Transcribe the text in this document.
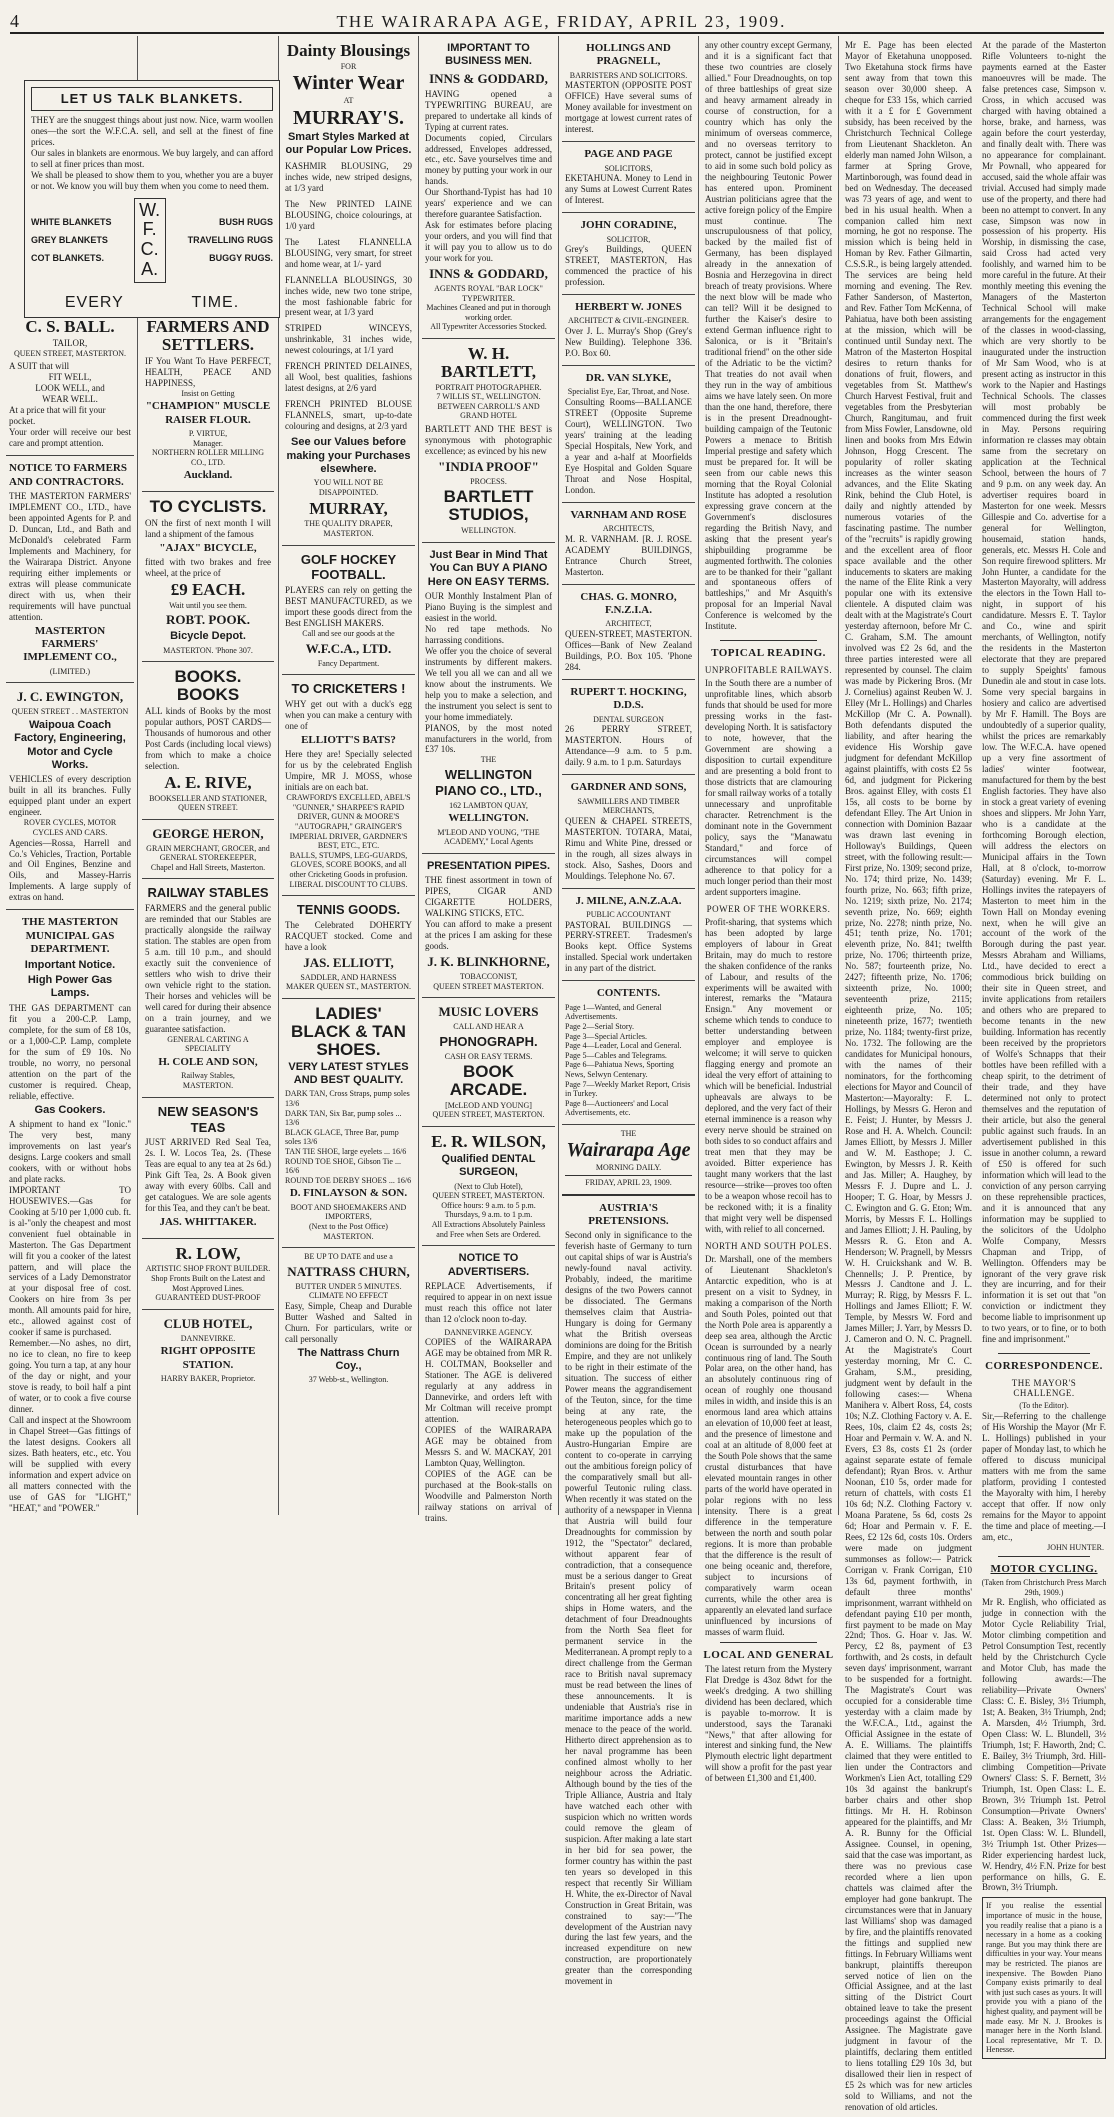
4	THE WAIRARAPA AGE, FRIDAY, APRIL 23, 1909.
LET US TALK BLANKETS.
THEY are the snuggest things about just now. Nice, warm woollen ones—the sort the W.F.C.A. sell, and sell at the finest of fine prices.
Our sales in blankets are enormous. We buy largely, and can afford to sell at finer prices than most.
We shall be pleased to show them to you, whether you are a buyer or not. We know you will buy them when you come to need them.
WHITE BLANKETS
GREY BLANKETS
COT BLANKETS.
W. F. C. A.
BUSH RUGS
TRAVELLING RUGS
BUGGY RUGS.
EVERY	TIME.
C. S. BALL.
TAILOR,
QUEEN STREET, MASTERTON.
A SUIT that will
FIT WELL,
LOOK WELL, and
WEAR WELL.
At a price that will fit your pocket.
Your order will receive our best care and prompt attention.
NOTICE TO FARMERS AND CONTRACTORS.
THE MASTERTON FARMERS' IMPLEMENT CO., LTD., have been appointed Agents for P. and D. Duncan, Ltd., and Bath and McDonald's celebrated Farm Implements and Machinery, for the Wairarapa District. Anyone requiring either implements or extras will please communicate direct with us, when their requirements will have punctual attention.
MASTERTON FARMERS' IMPLEMENT CO.,
(LIMITED.)
J. C. EWINGTON,
QUEEN STREET . . MASTERTON
Waipoua Coach Factory, Engineering, Motor and Cycle Works.
VEHICLES of every description built in all its branches. Fully equipped plant under an expert engineer.
ROVER CYCLES, MOTOR CYCLES AND CARS.
Agencies—Rossa, Harrell and Co.'s Vehicles, Traction, Portable and Oil Engines, Benzine and Oils, and Massey-Harris Implements. A large supply of extras on hand.
THE MASTERTON MUNICIPAL GAS DEPARTMENT.
Important Notice.
High Power Gas Lamps.
THE GAS DEPARTMENT can fit you a 200-C.P. Lamp, complete, for the sum of £8 10s, or a 1,000-C.P. Lamp, complete for the sum of £9 10s. No trouble, no worry, no personal attention on the part of the customer is required. Cheap, reliable, effective.
Gas Cookers.
A shipment to hand ex "Ionic." The very best, many improvements on last year's designs. Large cookers and small cookers, with or without hobs and plate racks.
IMPORTANT TO HOUSEWIVES.—Gas for Cooking at 5/10 per 1,000 cub. ft. is al-"only the cheapest and most convenient fuel obtainable in Masterton. The Gas Department will fit you a cooker of the latest pattern, and will place the services of a Lady Demonstrator at your disposal free of cost. Cookers on hire from 3s per month. All amounts paid for hire, etc., allowed against cost of cooker if same is purchased.
Remember.—No ashes, no dirt, no ice to clean, no fire to keep going. You turn a tap, at any hour of the day or night, and your stove is ready, to boil half a pint of water, or to cook a five course dinner.
Call and inspect at the Showroom in Chapel Street—Gas fittings of the latest designs. Cookers all sizes. Bath heaters, etc., etc. You will be supplied with every information and expert advice on all matters connected with the use of GAS for "LIGHT," "HEAT," and "POWER."
FARMERS AND SETTLERS.
IF You Want To Have PERFECT, HEALTH, PEACE AND HAPPINESS,
Insist on Getting
"CHAMPION" MUSCLE RAISER FLOUR.
P. VIRTUE,
Manager.
NORTHERN ROLLER MILLING CO., LTD.
Auckland.
TO CYCLISTS.
ON the first of next month I will land a shipment of the famous
"AJAX" BICYCLE,
fitted with two brakes and free wheel, at the price of
£9 EACH.
Wait until you see them.
ROBT. POOK.
Bicycle Depot.
MASTERTON. 'Phone 307.
BOOKS. BOOKS
ALL kinds of Books by the most popular authors, POST CARDS—Thousands of humorous and other Post Cards (including local views) from which to make a choice selection.
A. E. RIVE,
BOOKSELLER AND STATIONER,
QUEEN STREET.
GEORGE HERON,
GRAIN MERCHANT, GROCER, and GENERAL STOREKEEPER,
Chapel and Hall Streets, Masterton.
RAILWAY STABLES
FARMERS and the general public are reminded that our Stables are practically alongside the railway station. The stables are open from 5 a.m. till 10 p.m., and should exactly suit the convenience of settlers who wish to drive their own vehicle right to the station. Their horses and vehicles will be well cared for during their absence on a train journey, and we guarantee satisfaction.
GENERAL CARTING A SPECIALITY
H. COLE AND SON,
Railway Stables,
MASTERTON.
NEW SEASON'S TEAS
JUST ARRIVED Red Seal Tea, 2s. I. W. Locos Tea, 2s. (These Teas are equal to any tea at 2s 6d.) Pink Gift Tea, 2s. A Book given away with every 60lbs. Call and get catalogues. We are sole agents for this Tea, and they can't be beat.
JAS. WHITTAKER.
R. LOW,
ARTISTIC SHOP FRONT BUILDER.
Shop Fronts Built on the Latest and Most Approved Lines.
GUARANTEED DUST-PROOF
CLUB HOTEL,
DANNEVIRKE.
RIGHT OPPOSITE STATION.
HARRY BAKER, Proprietor.
Dainty Blousings
FOR
Winter Wear
AT
MURRAY'S.
Smart Styles Marked at our Popular Low Prices.
KASHMIR BLOUSING, 29 inches wide, new striped designs, at 1/3 yard
The New PRINTED LAINE BLOUSING, choice colourings, at 1/0 yard
The Latest FLANNELLA BLOUSING, very smart, for street and home wear, at 1/- yard
FLANNELLA BLOUSINGS, 30 inches wide, new two tone stripe, the most fashionable fabric for present wear, at 1/3 yard
STRIPED WINCEYS, unshrinkable, 31 inches wide, newest colourings, at 1/1 yard
FRENCH PRINTED DELAINES, all Wool, best qualities, fashions latest designs, at 2/6 yard
FRENCH PRINTED BLOUSE FLANNELS, smart, up-to-date colouring and designs, at 2/3 yard
See our Values before making your Purchases elsewhere.
YOU WILL NOT BE DISAPPOINTED.
MURRAY,
THE QUALITY DRAPER,
MASTERTON.
GOLF HOCKEY FOOTBALL.
PLAYERS can rely on getting the BEST MANUFACTURED, as we import these goods direct from the Best ENGLISH MAKERS.
Call and see our goods at the
W.F.C.A., LTD.
Fancy Department.
TO CRICKETERS !
WHY get out with a duck's egg when you can make a century with one of
ELLIOTT'S BATS?
Here they are! Specially selected for us by the celebrated English Umpire, MR J. MOSS, whose initials are on each bat.
CRAWFORD'S EXCELLED, ABEL'S "GUNNER," SHARPEE'S RAPID DRIVER, GUNN & MOORE'S "AUTOGRAPH," GRAINGER'S IMPERIAL DRIVER, GARDNER'S BEST, ETC., ETC.
BALLS, STUMPS, LEG-GUARDS, GLOVES, SCORE BOOKS, and all other Cricketing Goods in profusion.
LIBERAL DISCOUNT TO CLUBS.
TENNIS GOODS.
The Celebrated DOHERTY RACQUET stocked. Come and have a look
JAS. ELLIOTT,
SADDLER, AND HARNESS MAKER QUEEN ST., MASTERTON.
LADIES' BLACK & TAN SHOES.
VERY LATEST STYLES AND BEST QUALITY.
DARK TAN, Cross Straps, pump soles 13/6
DARK TAN, Six Bar, pump soles ... 13/6
BLACK GLACE, Three Bar, pump soles 13/6
TAN TIE SHOE, large eyelets ... 16/6
ROUND TOE SHOE, Gibson Tie ... 16/6
ROUND TOE DERBY SHOES ... 16/6
D. FINLAYSON & SON.
BOOT AND SHOEMAKERS AND IMPORTERS,
(Next to the Post Office) MASTERTON.
BE UP TO DATE and use a
NATTRASS CHURN,
BUTTER UNDER 5 MINUTES.
CLIMATE NO EFFECT
Easy, Simple, Cheap and Durable Butter Washed and Salted in Churn. For particulars, write or call personally
The Nattrass Churn Coy.,
37 Webb-st., Wellington.
IMPORTANT TO BUSINESS MEN.
INNS & GODDARD,
HAVING opened a TYPEWRITING BUREAU, are prepared to undertake all kinds of Typing at current rates.
Documents copied, Circulars addressed, Envelopes addressed, etc., etc. Save yourselves time and money by putting your work in our hands.
Our Shorthand-Typist has had 10 years' experience and we can therefore guarantee Satisfaction.
Ask for estimates before placing your orders, and you will find that it will pay you to allow us to do your work for you.
INNS & GODDARD,
AGENTS ROYAL "BAR LOCK" TYPEWRITER.
Machines Cleaned and put in thorough working order.
All Typewriter Accessories Stocked.
W. H. BARTLETT,
PORTRAIT PHOTOGRAPHER.
7 WILLIS ST., WELLINGTON.
BETWEEN CARROLL'S AND GRAND HOTEL
BARTLETT AND THE BEST is synonymous with photographic excellence; as evinced by his new
"INDIA PROOF"
PROCESS.
BARTLETT STUDIOS,
WELLINGTON.
Just Bear in Mind That You Can BUY A PIANO Here ON EASY TERMS.
OUR Monthly Instalment Plan of Piano Buying is the simplest and easiest in the world.
No red tape methods. No harrassing conditions.
We offer you the choice of several instruments by different makers. We tell you all we can and all we know about the instruments. We help you to make a selection, and the instrument you select is sent to your home immediately.
PIANOS, by the most noted manufacturers in the world, from £37 10s.
THE
WELLINGTON PIANO CO., LTD.,
162 LAMBTON QUAY,
WELLINGTON.
M'LEOD AND YOUNG, "THE ACADEMY," Local Agents
PRESENTATION PIPES.
THE finest assortment in town of PIPES, CIGAR AND CIGARETTE HOLDERS, WALKING STICKS, ETC.
You can afford to make a present at the prices I am asking for these goods.
J. K. BLINKHORNE,
TOBACCONIST,
QUEEN STREET MASTERTON.
MUSIC LOVERS
CALL AND HEAR A
PHONOGRAPH.
CASH OR EASY TERMS.
BOOK ARCADE.
[McLEOD AND YOUNG]
QUEEN STREET, MASTERTON.
E. R. WILSON,
Qualified DENTAL SURGEON,
(Next to Club Hotel),
QUEEN STREET, MASTERTON.
Office hours: 9 a.m. to 5 p.m. Thursdays, 9 a.m. to 1 p.m.
All Extractions Absolutely Painless and Free when Sets are Ordered.
NOTICE TO ADVERTISERS.
REPLACE Advertisements, if required to appear in on next issue must reach this office not later than 12 o'clock noon to-day.
DANNEVIRKE AGENCY.
COPIES of the WAIRARAPA AGE may be obtained from MR R. H. COLTMAN, Bookseller and Stationer. The AGE is delivered regularly at any address in Dannevirke, and orders left with Mr Coltman will receive prompt attention.
COPIES of the WAIRARAPA AGE may be obtained from Messrs S. and W. MACKAY, 201 Lambton Quay, Wellington.
COPIES of the AGE can be purchased at the Book-stalls on Woodville and Palmerston North railway stations on arrival of trains.
HOLLINGS AND PRAGNELL,
BARRISTERS AND SOLICITORS.
MASTERTON (OPPOSITE POST OFFICE) Have several sums of Money available for investment on mortgage at lowest current rates of interest.
PAGE AND PAGE
SOLICITORS,
EKETAHUNA. Money to Lend in any Sums at Lowest Current Rates of Interest.
JOHN CORADINE,
SOLICITOR,
Grey's Buildings, QUEEN STREET, MASTERTON, Has commenced the practice of his profession.
HERBERT W. JONES
ARCHITECT & CIVIL-ENGINEER.
Over J. L. Murray's Shop (Grey's New Building). Telephone 336. P.O. Box 60.
DR. VAN SLYKE,
Specialist Eye, Ear, Throat, and Nose.
Consulting Rooms—BALLANCE STREET (Opposite Supreme Court), WELLINGTON. Two years' training at the leading Special Hospitals, New York, and a year and a-half at Moorfields Eye Hospital and Golden Square Throat and Nose Hospital, London.
VARNHAM AND ROSE
ARCHITECTS,
M. R. VARNHAM. [R. J. ROSE. ACADEMY BUILDINGS, Entrance Church Street, Masterton.
CHAS. G. MONRO, F.N.Z.I.A.
ARCHITECT,
QUEEN-STREET, MASTERTON. Offices—Bank of New Zealand Buildings, P.O. Box 105. 'Phone 284.
RUPERT T. HOCKING, D.D.S.
DENTAL SURGEON
26 PERRY STREET, MASTERTON. Hours of Attendance—9 a.m. to 5 p.m. daily. 9 a.m. to 1 p.m. Saturdays
GARDNER AND SONS,
SAWMILLERS AND TIMBER MERCHANTS,
QUEEN & CHAPEL STREETS, MASTERTON. TOTARA, Matai, Rimu and White Pine, dressed or in the rough, all sizes always in stock. Also, Sashes, Doors and Mouldings. Telephone No. 67.
J. MILNE, A.N.Z.A.A.
PUBLIC ACCOUNTANT
PASTORAL BUILDINGS — PERRY-STREET. Tradesmen's Books kept. Office Systems installed. Special work undertaken in any part of the district.
CONTENTS.
Page 1—Wanted, and General Advertisements.
Page 2—Serial Story.
Page 3—Special Articles.
Page 4—Leader, Local and General.
Page 5—Cables and Telegrams.
Page 6—Pahiatua News, Sporting News, Selwyn Centenary.
Page 7—Weekly Market Report, Crisis in Turkey.
Page 8—Auctioneers' and Local Advertisements, etc.
THE
Wairarapa Age
MORNING DAILY.
FRIDAY, APRIL 23, 1909.
AUSTRIA'S PRETENSIONS.
Second only in significance to the feverish haste of Germany to turn out capital ships of war is Austria's newly-found naval activity. Probably, indeed, the maritime designs of the two Powers cannot be dissociated. The Germans themselves claim that Austria-Hungary is doing for Germany what the British overseas dominions are doing for the British Empire, and they are not unlikely to be right in their estimate of the situation. The success of either Power means the aggrandisement of the Teuton, since, for the time being at any rate, the heterogeneous peoples which go to make up the population of the Austro-Hungarian Empire are content to co-operate in carrying out the ambitious foreign policy of the comparatively small but all-powerful Teutonic ruling class. When recently it was stated on the authority of a newspaper in Vienna that Austria will build four Dreadnoughts for commission by 1912, the "Spectator" declared, without apparent fear of contradiction, that a consequence must be a serious danger to Great Britain's present policy of concentrating all her great fighting ships in Home waters, and the detachment of four Dreadnoughts from the North Sea fleet for permanent service in the Mediterranean. A prompt reply to a direct challenge from the German race to British naval supremacy must be read between the lines of these announcements. It is undeniable that Austria's rise in maritime importance adds a new menace to the peace of the world. Hitherto direct apprehension as to her naval programme has been confined almost wholly to her neighbour across the Adriatic. Although bound by the ties of the Triple Alliance, Austria and Italy have watched each other with suspicion which no written words could remove the gleam of suspicion. After making a late start in her bid for sea power, the former country has within the past ten years so developed in this respect that recently Sir William H. White, the ex-Director of Naval Construction in Great Britain, was constrained to say:—"The development of the Austrian navy during the last few years, and the increased expenditure on new construction, are proportionately greater than the corresponding movement in
any other country except Germany, and it is a significant fact that these two countries are closely allied." Four Dreadnoughts, on top of three battleships of great size and heavy armament already in course of construction, for a country which has only the minimum of overseas commerce, and no overseas territory to protect, cannot be justified except to aid in some such bold policy as the neighbouring Teutonic Power has entered upon. Prominent Austrian politicians agree that the active foreign policy of the Empire must continue. The unscrupulousness of that policy, backed by the mailed fist of Germany, has been displayed already in the annexation of Bosnia and Herzegovina in direct breach of treaty provisions. Where the next blow will be made who can tell? Will it be designed to further the Kaiser's desire to extend German influence right to Salonica, or is it "Britain's traditional friend" on the other side of the Adriatic to be the victim? That treaties do not avail when they run in the way of ambitious aims we have lately seen. On more than the one hand, therefore, there is in the present Dreadnought-building campaign of the Teutonic Powers a menace to British Imperial prestige and safety which must be prepared for. It will be seen from our cable news this morning that the Royal Colonial Institute has adopted a resolution expressing grave concern at the Government's disclosures regarding the British Navy, and asking that the present year's shipbuilding programme be augmented forthwith. The colonies are to be thanked for their "gallant and spontaneous offers of battleships," and Mr Asquith's proposal for an Imperial Naval Conference is welcomed by the Institute.
TOPICAL READING.
UNPROFITABLE RAILWAYS.
In the South there are a number of unprofitable lines, which absorb funds that should be used for more pressing works in the fast-developing North. It is satisfactory to note, however, that the Government are showing a disposition to curtail expenditure and are presenting a bold front to those districts that are clamouring for small railway works of a totally unnecessary and unprofitable character. Retrenchment is the dominant note in the Government policy, says the "Manawatu Standard," and force of circumstances will compel adherence to that policy for a much longer period than their most ardent supporters imagine.
POWER OF THE WORKERS.
Profit-sharing, that systems which has been adopted by large employers of labour in Great Britain, may do much to restore the shaken confidence of the ranks of Labour, and results of the experiments will be awaited with interest, remarks the "Mataura Ensign." Any movement or scheme which tends to conduce to better understanding between employer and employee is welcome; it will serve to quicken flagging energy and promote an ideal the very effort of attaining to which will be beneficial. Industrial upheavals are always to be deplored, and the very fact of their eternal imminence is a reason why every nerve should be strained on both sides to so conduct affairs and treat men that they may be avoided. Bitter experience has taught many workers that the last resource—strike—proves too often to be a weapon whose recoil has to be reckoned with; it is a finality that might very well be dispensed with, with relief to all concerned.
NORTH AND SOUTH POLES.
Dr. Marshall, one of the members of Lieutenant Shackleton's Antarctic expedition, who is at present on a visit to Sydney, in making a comparison of the North and South Poles, pointed out that the North Pole area is apparently a deep sea area, although the Arctic Ocean is surrounded by a nearly continuous ring of land. The South Polar area, on the other hand, has an absolutely continuous ring of ocean of roughly one thousand miles in width, and inside this is an enormous land area which attains an elevation of 10,000 feet at least, and the presence of limestone and coal at an altitude of 8,000 feet at the South Pole shows that the same crustal disturbances that have elevated mountain ranges in other parts of the world have operated in polar regions with no less intensity. There is a great difference in the temperature between the north and south polar regions. It is more than probable that the difference is the result of one being oceanic and, therefore, subject to incursions of comparatively warm ocean currents, while the other area is apparently an elevated land surface uninfluenced by incursions of masses of warm fluid.
LOCAL AND GENERAL
The latest return from the Mystery Flat Dredge is 43oz 8dwt for the week's dredging. A two shilling dividend has been declared, which is payable to-morrow. It is understood, says the Taranaki "News," that after allowing for interest and sinking fund, the New Plymouth electric light department will show a profit for the past year of between £1,300 and £1,400.
Mr E. Page has been elected Mayor of Eketahuna unopposed. Two Eketahuna stock firms have sent away from that town this season over 30,000 sheep. A cheque for £33 15s, which carried with it a £ for £ Government subsidy, has been received by the Christchurch Technical College from Lieutenant Shackleton. An elderly man named John Wilson, a farmer at Spring Grove, Martinborough, was found dead in bed on Wednesday. The deceased was 73 years of age, and went to bed in his usual health. When a companion called him next morning, he got no response. The mission which is being held in Homan by Rev. Father Gilmartin, C.S.S.R., is being largely attended. The services are being held morning and evening. The Rev. Father Sanderson, of Masterton, and Rev. Father Tom McKenna, of Pahiatua, have both been assisting at the mission, which will be continued until Sunday next. The Matron of the Masterton Hospital desires to return thanks for donations of fruit, flowers, and vegetables from St. Matthew's Church Harvest Festival, fruit and vegetables from the Presbyterian Church, Rangitumau, and fruit from Miss Fowler, Lansdowne, old linen and books from Mrs Edwin Johnson, Hogg Crescent. The popularity of roller skating increases as the winter season advances, and the Elite Skating Rink, behind the Club Hotel, is daily and nightly attended by numerous votaries of the fascinating pastime. The number of the "recruits" is rapidly growing and the excellent area of floor space available and the other inducements to skaters are making the name of the Elite Rink a very popular one with its extensive clientele. A disputed claim was dealt with at the Magistrate's Court yesterday afternoon, before Mr C. C. Graham, S.M. The amount involved was £2 2s 6d, and the three parties interested were all represented by counsel. The claim was made by Pickering Bros. (Mr J. Cornelius) against Reuben W. J. Elley (Mr L. Hollings) and Charles McKillop (Mr C. A. Pownall). Both defendants disputed the liability, and after hearing the evidence His Worship gave judgment for defendant McKillop against plaintiffs, with costs £2 5s 6d, and judgment for Pickering Bros. against Elley, with costs £1 15s, all costs to be borne by defendant Elley. The Art Union in connection with Dominion Bazaar was drawn last evening in Holloway's Buildings, Queen street, with the following result:—First prize, No. 1309; second prize, No. 174; third prize, No. 1439; fourth prize, No. 663; fifth prize, No. 1219; sixth prize, No. 2174; seventh prize, No. 669; eighth prize, No. 2278; ninth prize, No. 451; tenth prize, No. 1701; eleventh prize, No. 841; twelfth prize, No. 1706; thirteenth prize, No. 587; fourteenth prize, No. 2427; fifteenth prize, No. 1706; sixteenth prize, No. 1000; seventeenth prize, 2115; eighteenth prize, No. 105; nineteenth prize, 1677; twentieth prize, No. 1184; twenty-first prize, No. 1732. The following are the candidates for Municipal honours, with the names of their nominators, for the forthcoming elections for Mayor and Council of Masterton:—Mayoralty: F. L. Hollings, by Messrs G. Heron and E. Feist; J. Hunter, by Messrs J. Rose and H. A. Whelch. Council: James Elliott, by Messrs J. Miller and W. M. Easthope; J. C. Ewington, by Messrs J. R. Keith and Jas. Miller; A. Haughey, by Messrs F. J. Dupre and L. J. Hooper; T. G. Hoar, by Messrs J. C. Ewington and G. G. Eton; Wm. Morris, by Messrs F. L. Hollings and James Elliott; J. H. Pauling, by Messrs R. G. Eton and A. Henderson; W. Pragnell, by Messrs W. H. Cruickshank and W. B. Chennells; J. P. Prentice, by Messrs J. Candtone and J. L. Murray; R. Rigg, by Messrs F. L. Hollings and James Elliott; F. W. Temple, by Messrs W. Ford and James Miller; J. Yarr, by Messrs D. J. Cameron and O. N. C. Pragnell. At the Magistrate's Court yesterday morning, Mr C. C. Graham, S.M., presiding, judgment went by default in the following cases:— Whena Manihera v. Albert Ross, £4, costs 10s; N.Z. Clothing Factory v. A. E. Rees, 10s, claim £2 4s, costs 2s; Hoar and Permain v. W. A. and N. Evers, £3 8s, costs £1 2s (order against separate estate of female defendant); Ryan Bros. v. Arthur Noonan, £10 5s, order made for return of chattels, with costs £1 10s 6d; N.Z. Clothing Factory v. Moana Paratene, 5s 6d, costs 2s 6d; Hoar and Permain v. F. E. Rees, £2 12s 6d, costs 10s. Orders were made on judgment summonses as follow:— Patrick Corrigan v. Frank Corrigan, £10 13s 6d, payment forthwith, in default three months' imprisonment, warrant withheld on defendant paying £10 per month, first payment to be made on May 22nd; Thos. G. Hoar v. Jas. W. Percy, £2 8s, payment of £3 forthwith, and 2s costs, in default seven days' imprisonment, warrant to be suspended for a fortnight. The Magistrate's Court was occupied for a considerable time yesterday with a claim made by the W.F.C.A., Ltd., against the Official Assignee in the estate of A. E. Williams. The plaintiffs claimed that they were entitled to lien under the Contractors and Workmen's Lien Act, totalling £29 10s 3d against the bankrupt's barber chairs and other shop fittings. Mr H. H. Robinson appeared for the plaintiffs, and Mr A. R. Bunny for the Official Assignee. Counsel, in opening, said that the case was important, as there was no previous case recorded where a lien upon chattels was claimed after the employer had gone bankrupt. The circumstances were that in January last Williams' shop was damaged by fire, and the plaintiffs renovated the fittings and supplied new fittings. In February Williams went bankrupt, plaintiffs thereupon served notice of lien on the Official Assignee, and at the last sitting of the District Court obtained leave to take the present proceedings against the Official Assignee. The Magistrate gave judgment in favour of the plaintiffs, declaring them entitled to liens totalling £29 10s 3d, but disallowed their lien in respect of £5 2s which was for new articles sold to Williams, and not the renovation of old articles.
At the parade of the Masterton Rifle Volunteers to-night the payments earned at the Easter manoeuvres will be made. The false pretences case, Simpson v. Cross, in which accused was charged with having obtained a horse, brake, and harness, was again before the court yesterday, and finally dealt with. There was no appearance for complainant. Mr Pownall, who appeared for accused, said the whole affair was trivial. Accused had simply made use of the property, and there had been no attempt to convert. In any case, Simpson was now in possession of his property. His Worship, in dismissing the case, said Cross had acted very foolishly, and warned him to be more careful in the future. At their monthly meeting this evening the Managers of the Masterton Technical School will make arrangements for the engagement of the classes in wood-classing, which are very shortly to be inaugurated under the instruction of Mr Sam Wood, who is at present acting as instructor in this work to the Napier and Hastings Technical Schools. The classes will most probably be commenced during the first week in May. Persons requiring information re classes may obtain same from the secretary on application at the Technical School, between the hours of 7 and 9 p.m. on any week day. An advertiser requires board in Masterton for one week. Messrs Gillespie and Co. advertise for a general for Wellington, housemaid, station hands, generals, etc. Messrs H. Cole and Son require firewood splitters. Mr John Hunter, a candidate for the Masterton Mayoralty, will address the electors in the Town Hall to-night, in support of his candidature. Messrs E. T. Taylor and Co., wine and spirit merchants, of Wellington, notify the residents in the Masterton electorate that they are prepared to supply Speights' famous Dunedin ale and stout in case lots. Some very special bargains in hosiery and calico are advertised by Mr F. Hamill. The Boys are undoubtedly of a superior quality, whilst the prices are remarkably low. The W.F.C.A. have opened up a very fine assortment of ladies' winter footwear, manufactured for them by the best English factories. They have also in stock a great variety of evening shoes and slippers. Mr John Yarr, who is a candidate at the forthcoming Borough election, will address the electors on Municipal affairs in the Town Hall, at 8 o'clock, to-morrow (Saturday) evening. Mr F. L. Hollings invites the ratepayers of Masterton to meet him in the Town Hall on Monday evening next, when he will give an account of the work of the Borough during the past year. Messrs Abraham and Williams, Ltd., have decided to erect a commodious brick building on their site in Queen street, and invite applications from retailers and others who are prepared to become tenants in the new building. Information has recently been received by the proprietors of Wolfe's Schnapps that their bottles have been refilled with a cheap spirit, to the detriment of their trade, and they have determined not only to protect themselves and the reputation of their article, but also the general public against such frauds. In an advertisement published in this issue in another column, a reward of £50 is offered for such information which will lead to the conviction of any person carrying on these reprehensible practices, and it is announced that any information may be supplied to the solicitors of the Udolpho Wolfe Company, Messrs Chapman and Tripp, of Wellington. Offenders may be ignorant of the very grave risk they are incurring, and for their information it is set out that "on conviction or indictment they become liable to imprisonment up to two years, or to fine, or to both fine and imprisonment."
CORRESPONDENCE.
THE MAYOR'S CHALLENGE.
(To the Editor).
Sir,—Referring to the challenge of His Worship the Mayor (Mr F. L. Hollings) published in your paper of Monday last, to which he offered to discuss municipal matters with me from the same platform, providing I contested the Mayoralty with him, I hereby accept that offer. If now only remains for the Mayor to appoint the time and place of meeting.—I am, etc.,
JOHN HUNTER.
MOTOR CYCLING.
(Taken from Christchurch Press March 29th, 1909.)
Mr R. English, who officiated as judge in connection with the Motor Cycle Reliability Trial, Motor climbing competition and Petrol Consumption Test, recently held by the Christchurch Cycle and Motor Club, has made the following awards:—The reliability—Private Owners' Class: C. E. Bisley, 3½ Triumph, 1st; A. Beaken, 3½ Triumph, 2nd; A. Marsden, 4½ Triumph, 3rd. Open Class: W. L. Blundell, 3½ Triumph, 1st; F. Haworth, 2nd; C. E. Bailey, 3½ Triumph, 3rd. Hill-climbing Competition—Private Owners' Class: S. F. Bernett, 3½ Triumph, 1st. Open Class: L. E. Brown, 3½ Triumph 1st. Petrol Consumption—Private Owners' Class: A. Beaken, 3½ Triumph, 1st. Open Class: W. L. Blundell, 3½ Triumph 1st. Other Prizes—Rider experiencing hardest luck, W. Hendry, 4½ F.N. Prize for best performance on hills, G. E. Brown, 3½ Triumph.
If you realise the essential importance of music in the house, you readily realise that a piano is a necessary in a home as a cooking range. But you may think there are difficulties in your way. Your means may be restricted. The pianos are inexpensive. The Bowden Piano Company exists primarily to deal with just such cases as yours. It will provide you with a piano of the highest quality, and payment will be made easy. Mr N. J. Brookes is manager here in the North Island. Local representative, Mr T. D. Henesse.
